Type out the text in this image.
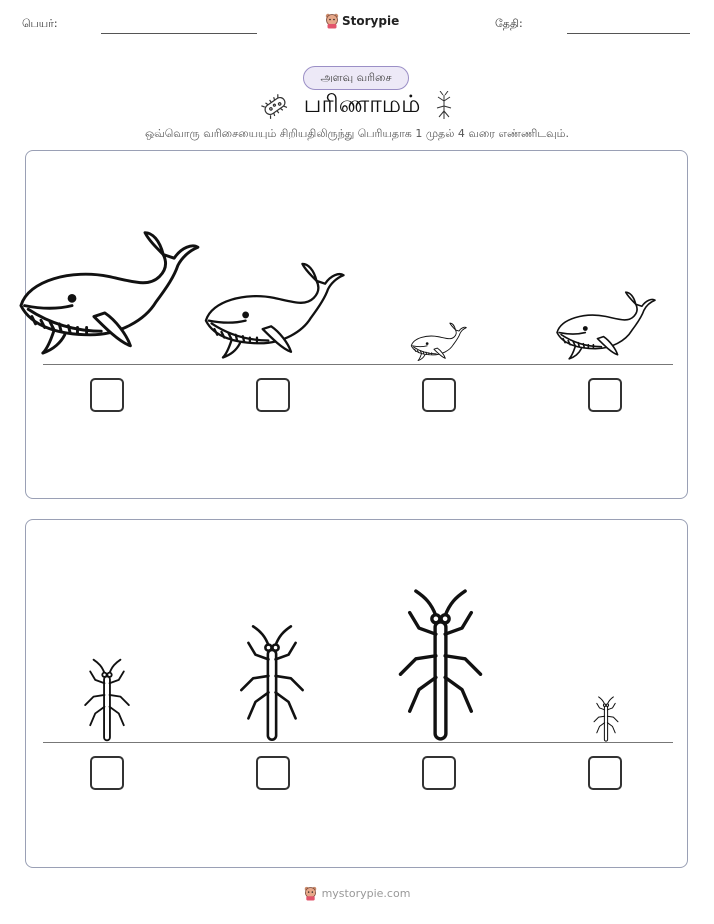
பெயர்:	Storypie	தேதி:
அளவு வரிசை
பரிணாமம்
ஒவ்வொரு வரிசையையும் சிறியதிலிருந்து பெரியதாக 1 முதல் 4 வரை எண்ணிடவும்.
mystorypie.com
